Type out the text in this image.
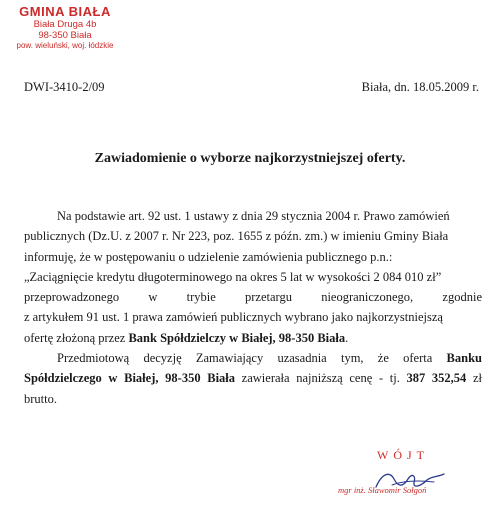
GMINA BIAŁA
Biała Druga 4b
98-350 Biała
pow. wieluński, woj. łódzkie
DWI-3410-2/09	Biała, dn. 18.05.2009 r.
Zawiadomienie o wyborze najkorzystniejszej oferty.

Na podstawie art. 92 ust. 1 ustawy z dnia 29 stycznia 2004 r. Prawo zamówień

publicznych (Dz.U. z 2007 r. Nr 223, poz. 1655 z późn. zm.) w imieniu Gminy Biała
informuję, że w postępowaniu o udzielenie zamówienia publicznego p.n.:
„Zaciągnięcie kredytu długoterminowego na okres 5 lat w wysokości 2 084 010 zł”
przeprowadzonego w trybie przetargu nieograniczonego, zgodnie
z artykułem 91 ust. 1 prawa zamówień publicznych wybrano jako najkorzystniejszą
ofertę złożoną przez Bank Spółdzielczy w Białej, 98-350 Biała.

Przedmiotową decyzję Zamawiający uzasadnia tym, że oferta Banku

Spółdzielczego w Białej, 98-350 Biała zawierała najniższą cenę - tj. 387 352,54 zł
brutto.

WÓJT
mgr inż. Sławomir Sołgoń
